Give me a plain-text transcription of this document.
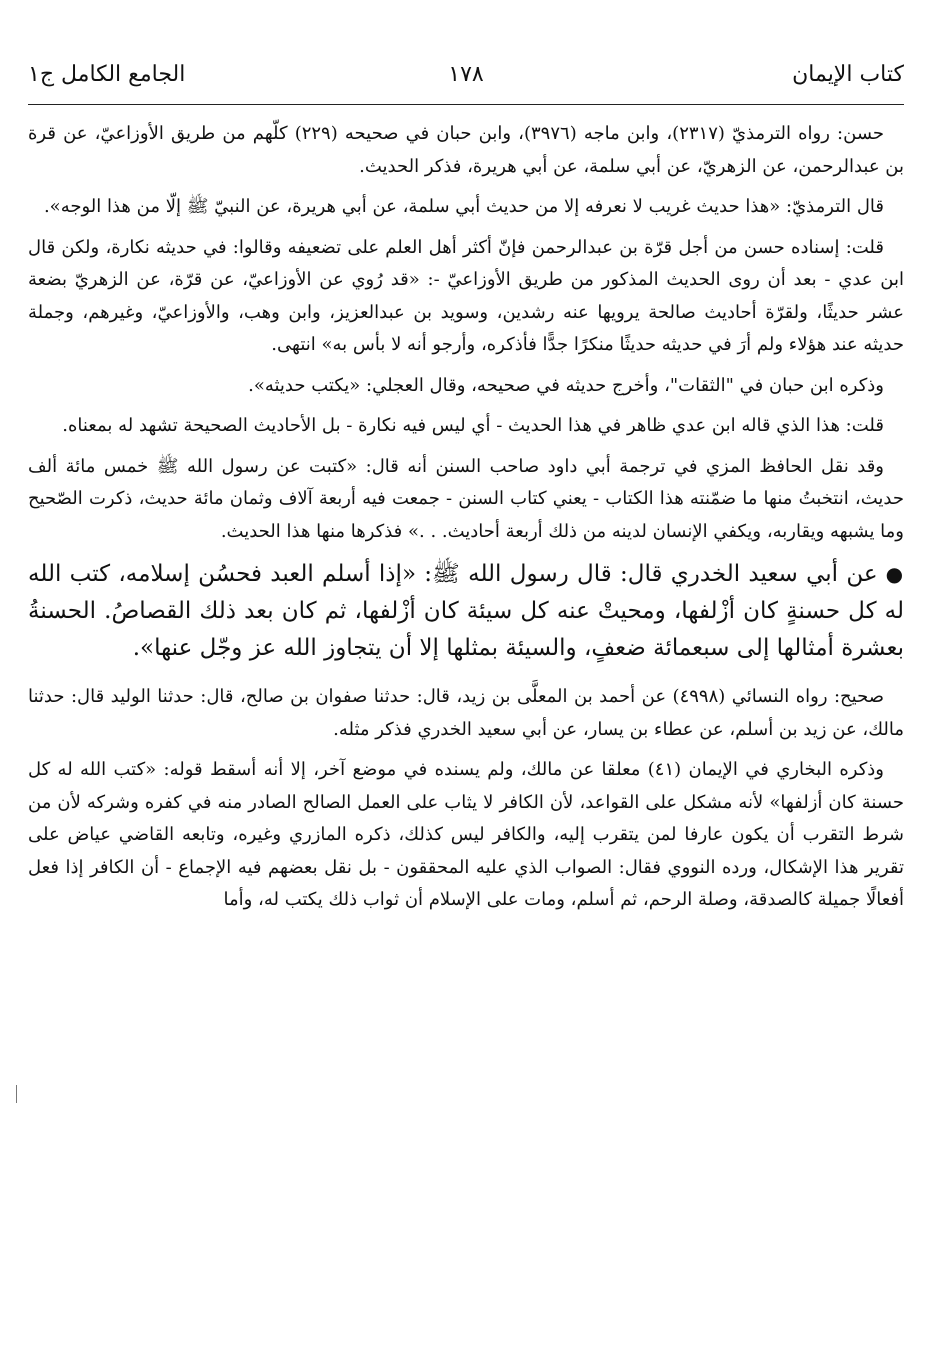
كتاب الإيمان
١٧٨
الجامع الكامل ج١

حسن: رواه الترمذيّ (٢٣١٧)، وابن ماجه (٣٩٧٦)، وابن حبان في صحيحه (٢٢٩) كلّهم من طريق الأوزاعيّ، عن قرة بن عبدالرحمن، عن الزهريّ، عن أبي سلمة، عن أبي هريرة، فذكر الحديث.

قال الترمذيّ: «هذا حديث غريب لا نعرفه إلا من حديث أبي سلمة، عن أبي هريرة، عن النبيّ ﷺ إلّا من هذا الوجه».

قلت: إسناده حسن من أجل قرّة بن عبدالرحمن فإنّ أكثر أهل العلم على تضعيفه وقالوا: في حديثه نكارة، ولكن قال ابن عدي - بعد أن روى الحديث المذكور من طريق الأوزاعيّ -: «قد رُوي عن الأوزاعيّ، عن قرّة، عن الزهريّ بضعة عشر حديثًا، ولقرّة أحاديث صالحة يرويها عنه رشدين، وسويد بن عبدالعزيز، وابن وهب، والأوزاعيّ، وغيرهم، وجملة حديثه عند هؤلاء ولم أرَ في حديثه حديثًا منكرًا جدًّا فأذكره، وأرجو أنه لا بأس به» انتهى.

وذكره ابن حبان في "الثقات"، وأخرج حديثه في صحيحه، وقال العجلي: «يكتب حديثه».

قلت: هذا الذي قاله ابن عدي ظاهر في هذا الحديث - أي ليس فيه نكارة - بل الأحاديث الصحيحة تشهد له بمعناه.

وقد نقل الحافظ المزي في ترجمة أبي داود صاحب السنن أنه قال: «كتبت عن رسول الله ﷺ خمس مائة ألف حديث، انتخبتُ منها ما ضمّنته هذا الكتاب - يعني كتاب السنن - جمعت فيه أربعة آلاف وثمان مائة حديث، ذكرت الصّحيح وما يشبهه ويقاربه، ويكفي الإنسان لدينه من ذلك أربعة أحاديث. . .» فذكرها منها هذا الحديث.

●عن أبي سعيد الخدري قال: قال رسول الله ﷺ: «إذا أسلم العبد فحسُن إسلامه، كتب الله له كل حسنةٍ كان أزْلفها، ومحيتْ عنه كل سيئة كان أزْلفها، ثم كان بعد ذلك القصاصُ. الحسنةُ بعشرة أمثالها إلى سبعمائة ضعفٍ، والسيئة بمثلها إلا أن يتجاوز الله عز وجّل عنها».

صحيح: رواه النسائي (٤٩٩٨) عن أحمد بن المعلَّى بن زيد، قال: حدثنا صفوان بن صالح، قال: حدثنا الوليد قال: حدثنا مالك، عن زيد بن أسلم، عن عطاء بن يسار، عن أبي سعيد الخدري فذكر مثله.

وذكره البخاري في الإيمان (٤١) معلقا عن مالك، ولم يسنده في موضع آخر، إلا أنه أسقط قوله: «كتب الله له كل حسنة كان أزلفها» لأنه مشكل على القواعد، لأن الكافر لا يثاب على العمل الصالح الصادر منه في كفره وشركه لأن من شرط التقرب أن يكون عارفا لمن يتقرب إليه، والكافر ليس كذلك، ذكره المازري وغيره، وتابعه القاضي عياض على تقرير هذا الإشكال، ورده النووي فقال: الصواب الذي عليه المحققون - بل نقل بعضهم فيه الإجماع - أن الكافر إذا فعل أفعالًا جميلة كالصدقة، وصلة الرحم، ثم أسلم، ومات على الإسلام أن ثواب ذلك يكتب له، وأما
